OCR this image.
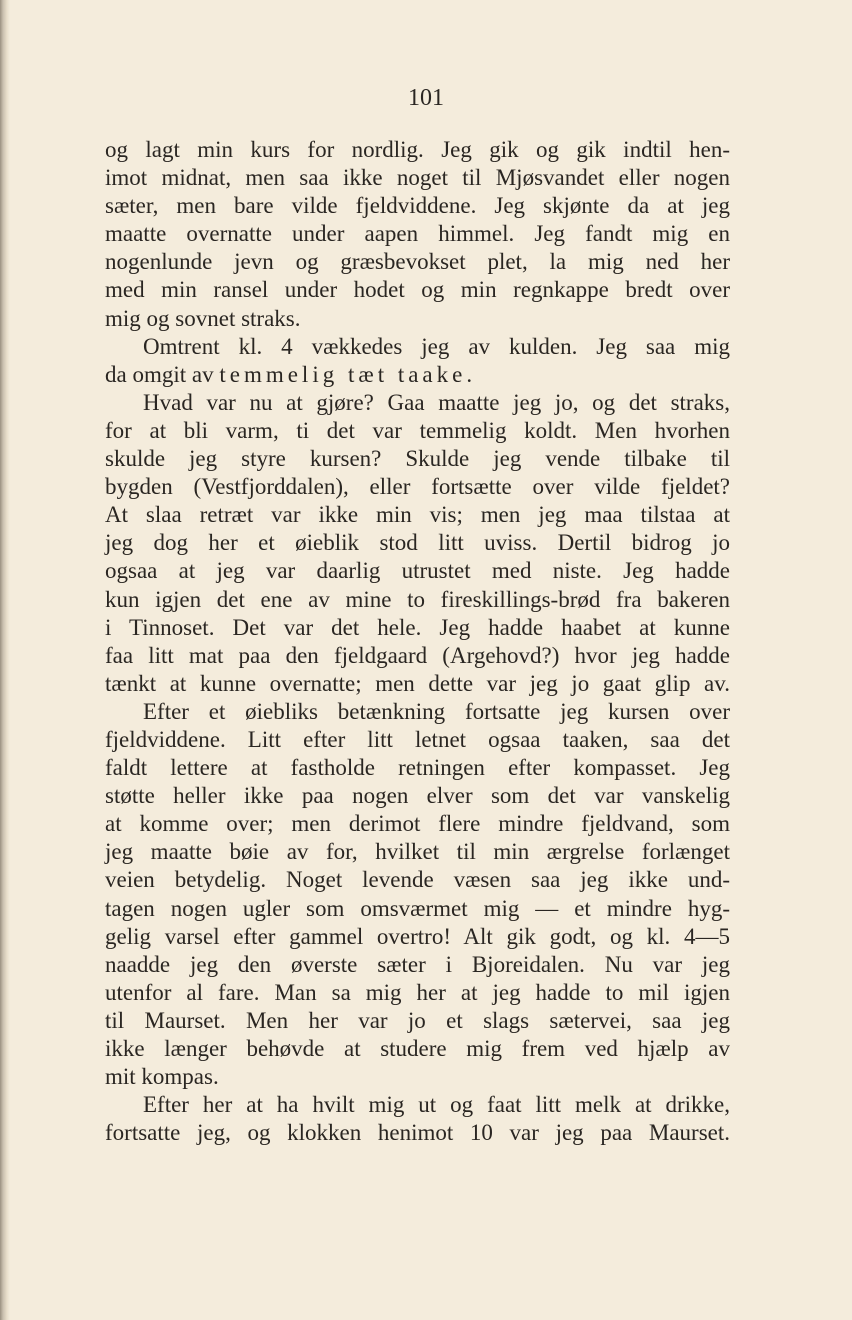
101
og lagt min kurs for nordlig. Jeg gik og gik indtil hen-
imot midnat, men saa ikke noget til Mjøsvandet eller nogen
sæter, men bare vilde fjeldviddene. Jeg skjønte da at jeg
maatte overnatte under aapen himmel. Jeg fandt mig en
nogenlunde jevn og græsbevokset plet, la mig ned her
med min ransel under hodet og min regnkappe bredt over
mig og sovnet straks.
Omtrent kl. 4 vækkedes jeg av kulden. Jeg saa mig
da omgit av temmelig tæt taake.
Hvad var nu at gjøre? Gaa maatte jeg jo, og det straks,
for at bli varm, ti det var temmelig koldt. Men hvorhen
skulde jeg styre kursen? Skulde jeg vende tilbake til
bygden (Vestfjorddalen), eller fortsætte over vilde fjeldet?
At slaa retræt var ikke min vis; men jeg maa tilstaa at
jeg dog her et øieblik stod litt uviss. Dertil bidrog jo
ogsaa at jeg var daarlig utrustet med niste. Jeg hadde
kun igjen det ene av mine to fireskillings-brød fra bakeren
i Tinnoset. Det var det hele. Jeg hadde haabet at kunne
faa litt mat paa den fjeldgaard (Argehovd?) hvor jeg hadde
tænkt at kunne overnatte; men dette var jeg jo gaat glip av.
Efter et øiebliks betænkning fortsatte jeg kursen over
fjeldviddene. Litt efter litt letnet ogsaa taaken, saa det
faldt lettere at fastholde retningen efter kompasset. Jeg
støtte heller ikke paa nogen elver som det var vanskelig
at komme over; men derimot flere mindre fjeldvand, som
jeg maatte bøie av for, hvilket til min ærgrelse forlænget
veien betydelig. Noget levende væsen saa jeg ikke und-
tagen nogen ugler som omsværmet mig — et mindre hyg-
gelig varsel efter gammel overtro! Alt gik godt, og kl. 4—5
naadde jeg den øverste sæter i Bjoreidalen. Nu var jeg
utenfor al fare. Man sa mig her at jeg hadde to mil igjen
til Maurset. Men her var jo et slags sætervei, saa jeg
ikke længer behøvde at studere mig frem ved hjælp av
mit kompas.
Efter her at ha hvilt mig ut og faat litt melk at drikke,
fortsatte jeg, og klokken henimot 10 var jeg paa Maurset.
